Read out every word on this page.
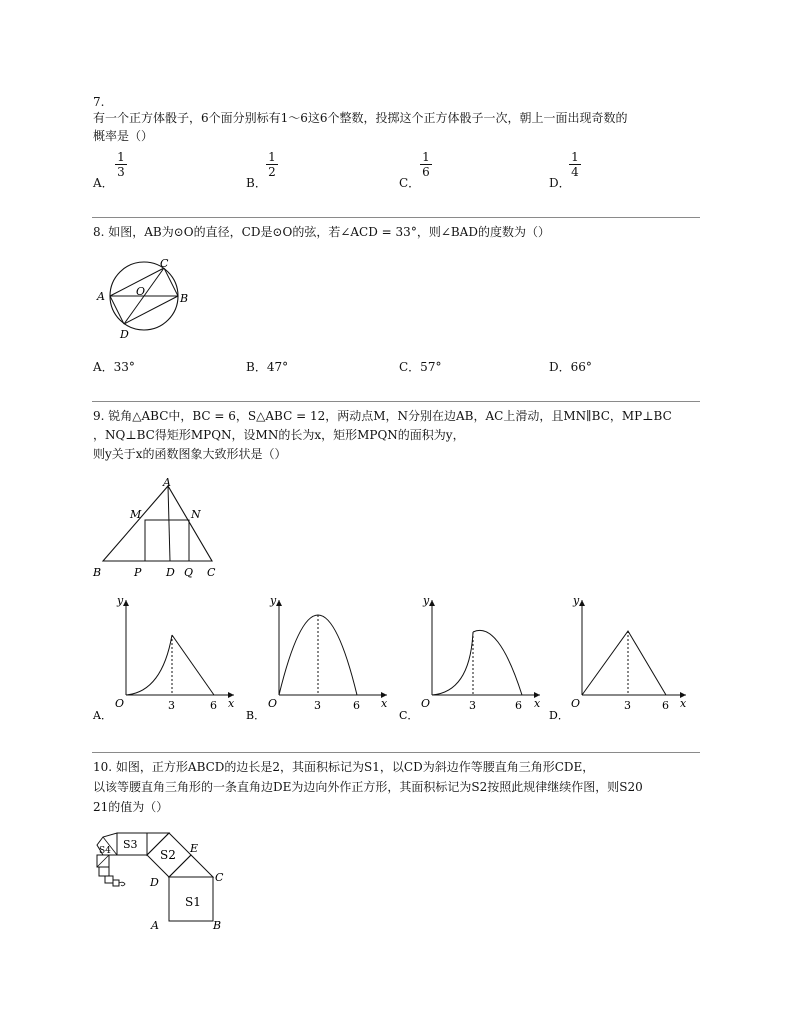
7.
有一个正方体骰子，6个面分别标有1～6这6个整数，投掷这个正方体骰子一次，朝上一面出现奇数的
概率是（）
A．
1
3
B．
1
2
C．
1
6
D．
1
4
8. 如图，AB为⊙O的直径，CD是⊙O的弦，若∠ACD = 33°，则∠BAD的度数为（）
C
A	B
O
D
A．33°	B．47°	C．57°	D．66°
9. 锐角△ABC中，BC = 6，S△ABC = 12，两动点M，N分别在边AB，AC上滑动，且MN∥BC，MP⊥BC
，NQ⊥BC得矩形MPQN，设MN的长为x，矩形MPQN的面积为y，
则y关于x的函数图象大致形状是（）
A
M	N
B	P D Q C
y
x
O	3	6
A．
y
x
O	3	6
B．
y
x
O	3	6
C．
y
x
O	3	6
D．
10. 如图，正方形ABCD的边长是2，其面积标记为S1，以CD为斜边作等腰直角三角形CDE，
以该等腰直角三角形的一条直角边DE为边向外作正方形，其面积标记为S2按照此规律继续作图，则S20
21的值为（）
S1
S2
S3
S4	E
D	C
A	B
